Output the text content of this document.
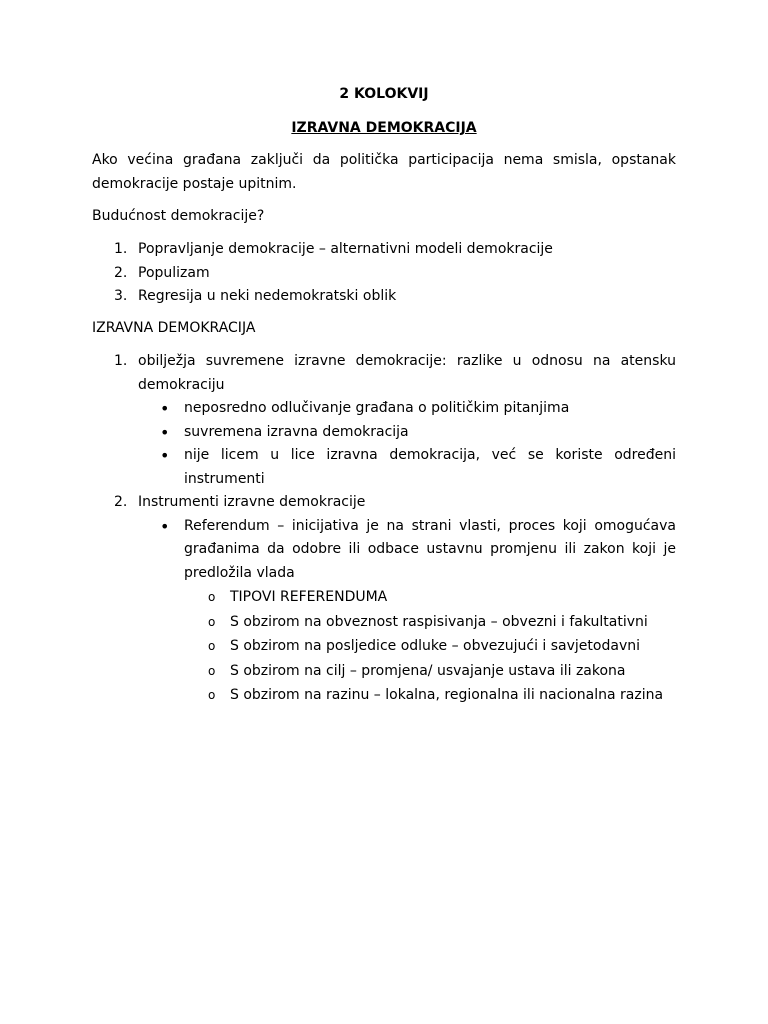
2 KOLOKVIJ

IZRAVNA DEMOKRACIJA

Ako većina građana zaključi da politička participacija nema smisla, opstanak demokracije postaje upitnim.

Budućnost demokracije?

1. Popravljanje demokracije – alternativni modeli demokracije
2. Populizam
3. Regresija u neki nedemokratski oblik

IZRAVNA DEMOKRACIJA

1. obilježja suvremene izravne demokracije: razlike u odnosu na atensku demokraciju
• neposredno odlučivanje građana o političkim pitanjima
• suvremena izravna demokracija
• nije licem u lice izravna demokracija, već se koriste određeni instrumenti
2. Instrumenti izravne demokracije
• Referendum – inicijativa je na strani vlasti, proces koji omogućava građanima da odobre ili odbace ustavnu promjenu ili zakon koji je predložila vlada
o TIPOVI REFERENDUMA
o S obzirom na obveznost raspisivanja – obvezni i fakultativni
o S obzirom na posljedice odluke – obvezujući i savjetodavni
o S obzirom na cilj – promjena/ usvajanje ustava ili zakona
o S obzirom na razinu – lokalna, regionalna ili nacionalna razina
